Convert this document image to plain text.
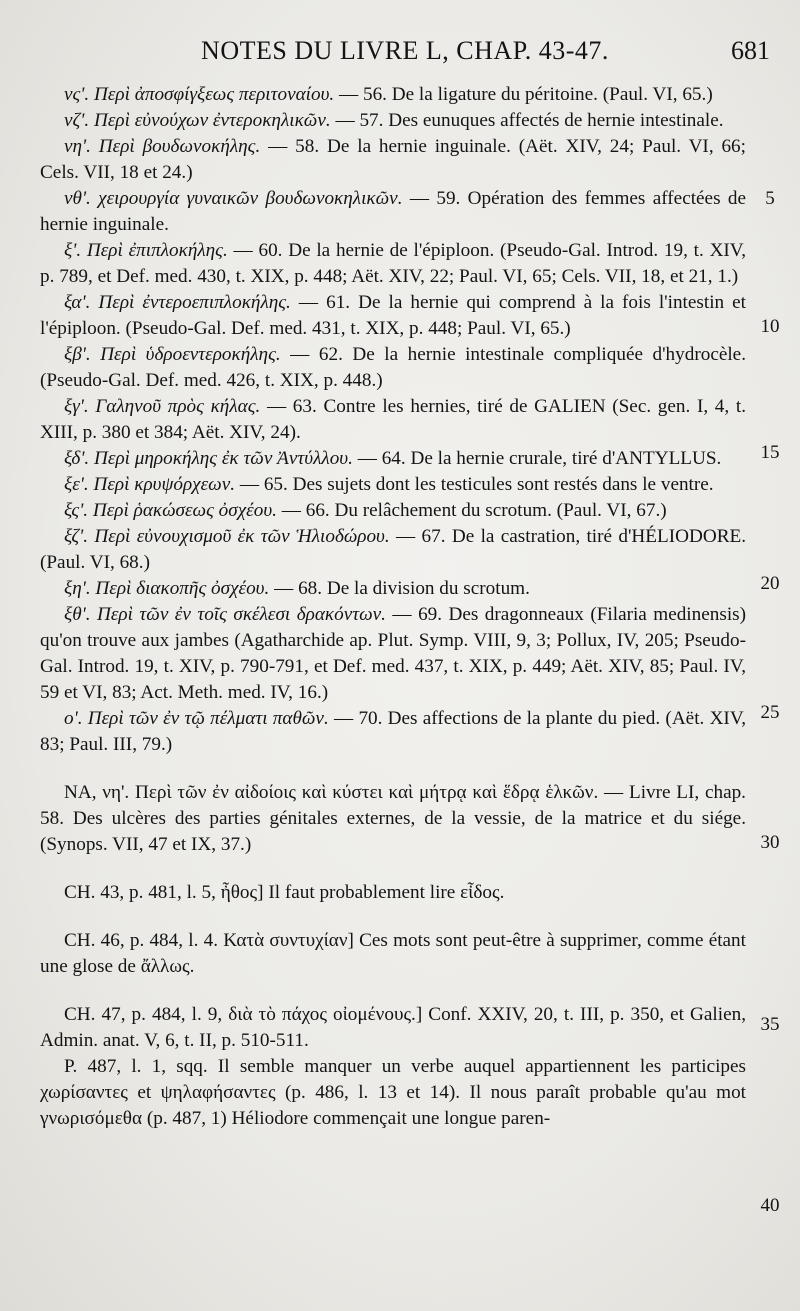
NOTES DU LIVRE L, CHAP. 43-47.	681

νς'. Περὶ ἀποσφίγξεως περιτοναίου. — 56. De la ligature du péritoine. (Paul. VI, 65.)

νζ'. Περὶ εὐνούχων ἐντεροκηλικῶν. — 57. Des eunuques affectés de hernie intestinale.

νη'. Περὶ βουδωνοκήλης. — 58. De la hernie inguinale. (Aët. XIV, 24; Paul. VI, 66; Cels. VII, 18 et 24.)

νθ'. χειρουργία γυναικῶν βουδωνοκηλικῶν. — 59. Opération des femmes affectées de hernie inguinale.

ξ'. Περὶ ἐπιπλοκήλης. — 60. De la hernie de l'épiploon. (Pseudo-Gal. Introd. 19, t. XIV, p. 789, et Def. med. 430, t. XIX, p. 448; Aët. XIV, 22; Paul. VI, 65; Cels. VII, 18, et 21, 1.)

ξα'. Περὶ ἐντεροεπιπλοκήλης. — 61. De la hernie qui comprend à la fois l'intestin et l'épiploon. (Pseudo-Gal. Def. med. 431, t. XIX, p. 448; Paul. VI, 65.)

ξβ'. Περὶ ὑδροεντεροκήλης. — 62. De la hernie intestinale compliquée d'hydrocèle. (Pseudo-Gal. Def. med. 426, t. XIX, p. 448.)

ξγ'. Γαληνοῦ πρὸς κήλας. — 63. Contre les hernies, tiré de GALIEN (Sec. gen. I, 4, t. XIII, p. 380 et 384; Aët. XIV, 24).

ξδ'. Περὶ μηροκήλης ἐκ τῶν Ἀντύλλου. — 64. De la hernie crurale, tiré d'ANTYLLUS.

ξε'. Περὶ κρυψόρχεων. — 65. Des sujets dont les testicules sont restés dans le ventre.

ξς'. Περὶ ῥακώσεως ὀσχέου. — 66. Du relâchement du scrotum. (Paul. VI, 67.)

ξζ'. Περὶ εὐνουχισμοῦ ἐκ τῶν Ἡλιοδώρου. — 67. De la castration, tiré d'HÉLIODORE. (Paul. VI, 68.)

ξη'. Περὶ διακοπῆς ὀσχέου. — 68. De la division du scrotum.

ξθ'. Περὶ τῶν ἐν τοῖς σκέλεσι δρακόντων. — 69. Des dragonneaux (Filaria medinensis) qu'on trouve aux jambes (Agatharchide ap. Plut. Symp. VIII, 9, 3; Pollux, IV, 205; Pseudo-Gal. Introd. 19, t. XIV, p. 790-791, et Def. med. 437, t. XIX, p. 449; Aët. XIV, 85; Paul. IV, 59 et VI, 83; Act. Meth. med. IV, 16.)

ο'. Περὶ τῶν ἐν τῷ πέλματι παθῶν. — 70. Des affections de la plante du pied. (Aët. XIV, 83; Paul. III, 79.)

NA, νη'. Περὶ τῶν ἐν αἰδοίοις καὶ κύστει καὶ μήτρᾳ καὶ ἕδρᾳ ἑλκῶν. — Livre LI, chap. 58. Des ulcères des parties génitales externes, de la vessie, de la matrice et du siége. (Synops. VII, 47 et IX, 37.)

CH. 43, p. 481, l. 5, ἦθος] Il faut probablement lire εἶδος.

CH. 46, p. 484, l. 4. Κατὰ συντυχίαν] Ces mots sont peut-être à supprimer, comme étant une glose de ἄλλως.

CH. 47, p. 484, l. 9, διὰ τὸ πάχος οἰομένους.] Conf. XXIV, 20, t. III, p. 350, et Galien, Admin. anat. V, 6, t. II, p. 510-511.

P. 487, l. 1, sqq. Il semble manquer un verbe auquel appartiennent les participes χωρίσαντες et ψηλαφήσαντες (p. 486, l. 13 et 14). Il nous paraît probable qu'au mot γνωρισόμεθα (p. 487, 1) Héliodore commençait une longue paren-

5
10
15
20
25
30
35
40
